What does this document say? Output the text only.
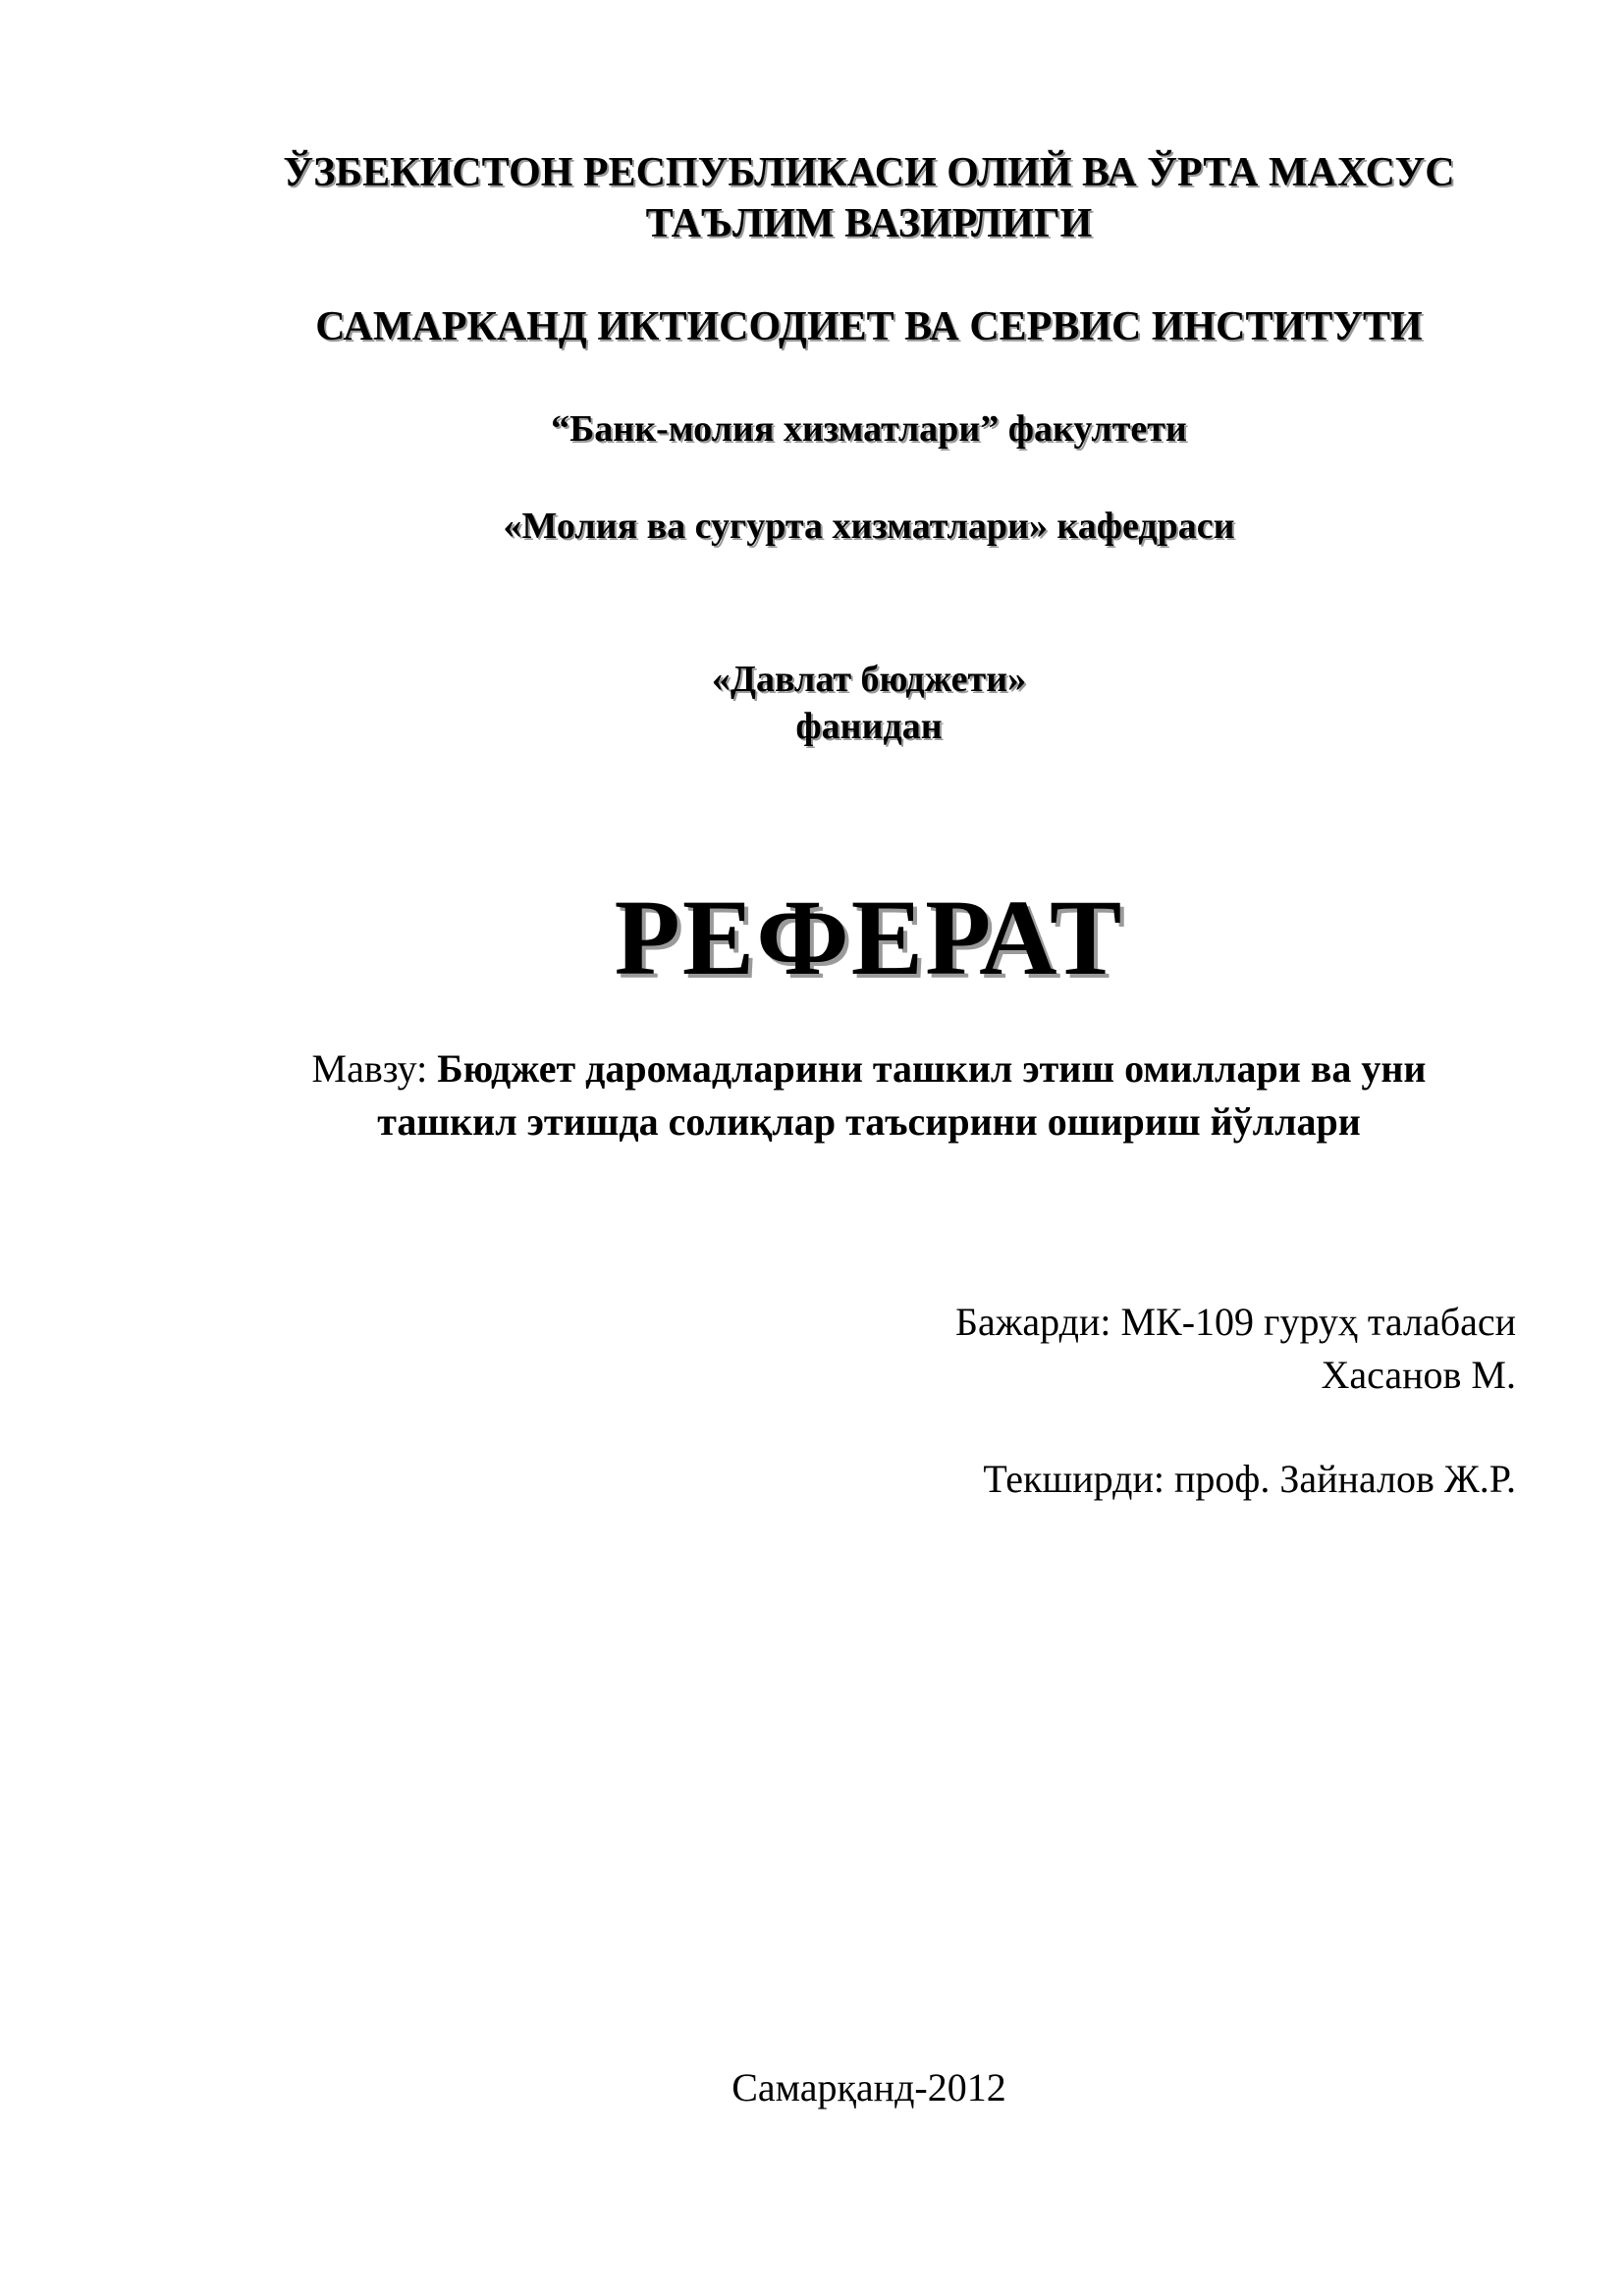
ЎЗБЕКИСТОН РЕСПУБЛИКАСИ ОЛИЙ ВА ЎРТА МАХСУС
ТАЪЛИМ ВАЗИРЛИГИ
САМАРКАНД ИКТИСОДИЕТ ВА СЕРВИС ИНСТИТУТИ
“Банк-молия хизматлари” факултети
«Молия ва сугурта хизматлари» кафедраси
«Давлат бюджети»
фанидан
РЕФЕРАТ
Мавзу: Бюджет даромадларини ташкил этиш омиллари ва уни
ташкил этишда солиқлар таъсирини ошириш йўллари
Бажарди: МК-109 гуруҳ талабаси
Хасанов М.
Текширди: проф. Зайналов Ж.Р.
Самарқанд-2012
